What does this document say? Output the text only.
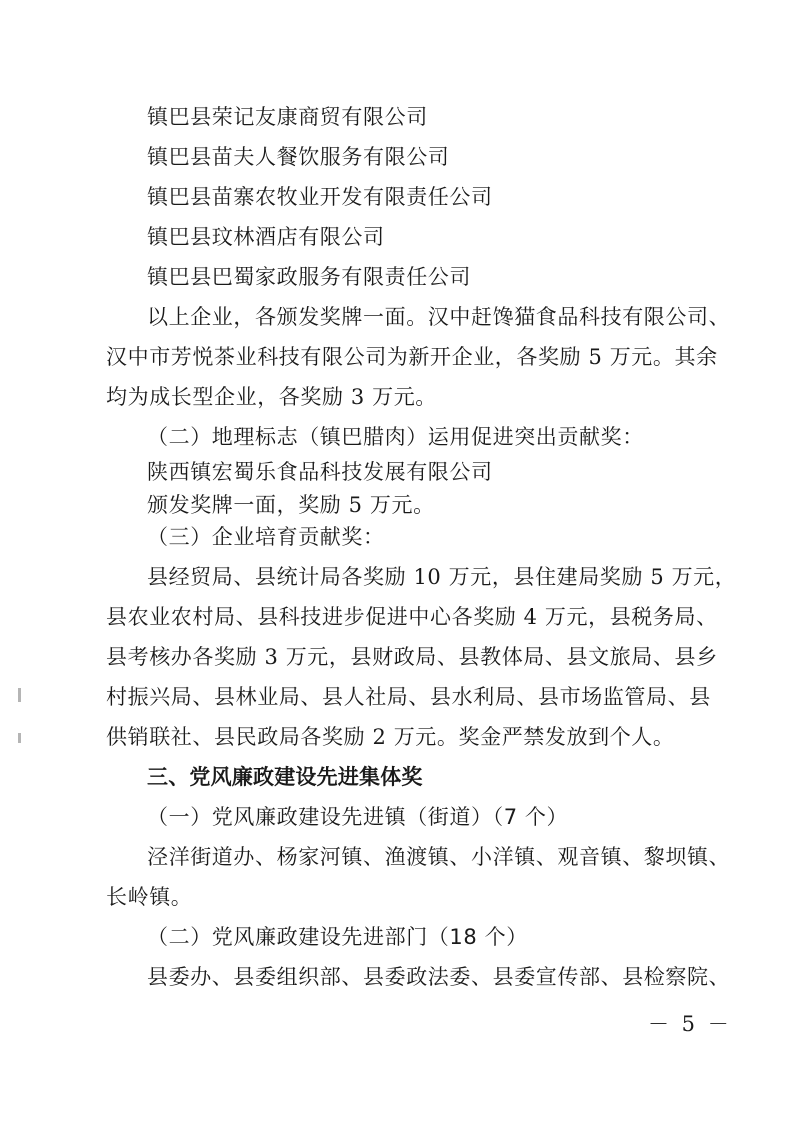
镇巴县荣记友康商贸有限公司
镇巴县苗夫人餐饮服务有限公司
镇巴县苗寨农牧业开发有限责任公司
镇巴县玟林酒店有限公司
镇巴县巴蜀家政服务有限责任公司
以上企业，各颁发奖牌一面。汉中赶馋猫食品科技有限公司、
汉中市芳悦茶业科技有限公司为新开企业，各奖励 5 万元。其余
均为成长型企业，各奖励 3 万元。
（二）地理标志（镇巴腊肉）运用促进突出贡献奖：
陕西镇宏蜀乐食品科技发展有限公司
颁发奖牌一面，奖励 5 万元。
（三）企业培育贡献奖：
县经贸局、县统计局各奖励 10 万元，县住建局奖励 5 万元，
县农业农村局、县科技进步促进中心各奖励 4 万元，县税务局、
县考核办各奖励 3 万元，县财政局、县教体局、县文旅局、县乡
村振兴局、县林业局、县人社局、县水利局、县市场监管局、县
供销联社、县民政局各奖励 2 万元。奖金严禁发放到个人。
三、党风廉政建设先进集体奖
（一）党风廉政建设先进镇（街道）（7 个）
泾洋街道办、杨家河镇、渔渡镇、小洋镇、观音镇、黎坝镇、
长岭镇。
（二）党风廉政建设先进部门（18 个）
县委办、县委组织部、县委政法委、县委宣传部、县检察院、
－ 5 －
